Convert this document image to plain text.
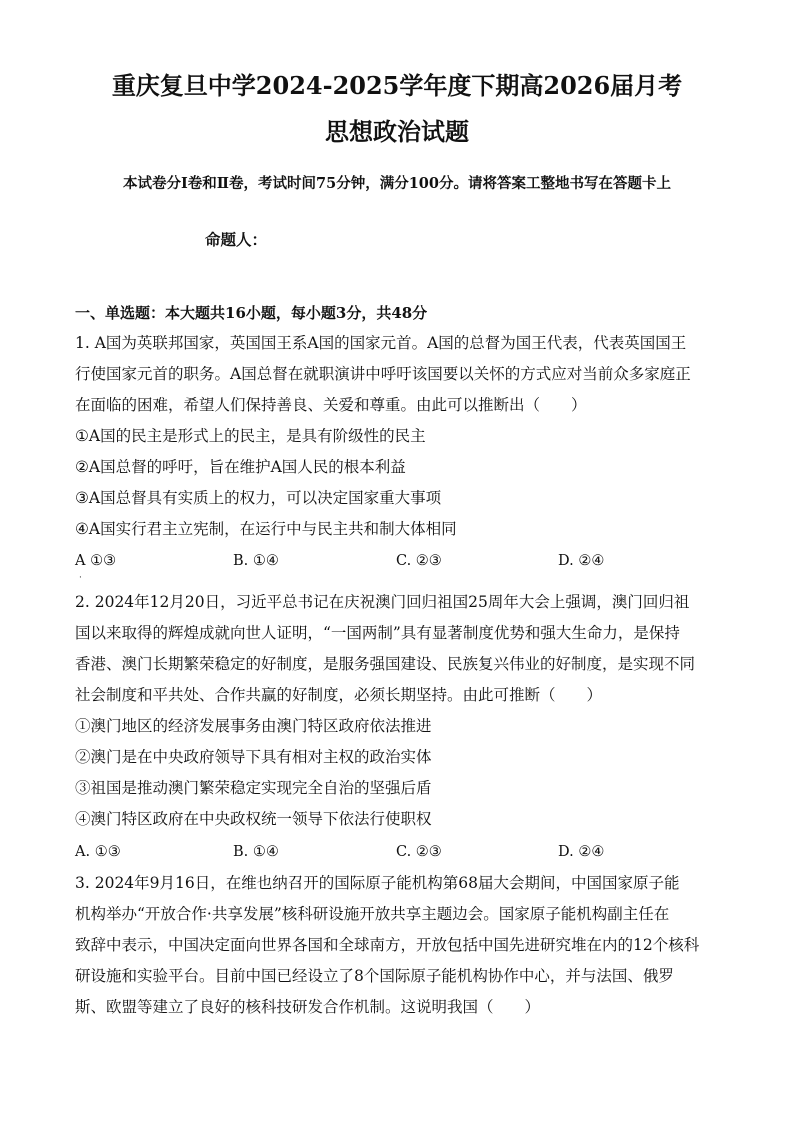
重庆复旦中学2024-2025学年度下期高2026届月考
思想政治试题
本试卷分Ⅰ卷和Ⅱ卷，考试时间75分钟，满分100分。请将答案工整地书写在答题卡上
命题人：
一、单选题：本大题共16小题，每小题3分，共48分
1. A国为英联邦国家，英国国王系A国的国家元首。A国的总督为国王代表，代表英国国王
行使国家元首的职务。A国总督在就职演讲中呼吁该国要以关怀的方式应对当前众多家庭正
在面临的困难，希望人们保持善良、关爱和尊重。由此可以推断出（　　）
①A国的民主是形式上的民主，是具有阶级性的民主
②A国总督的呼吁，旨在维护A国人民的根本利益
③A国总督具有实质上的权力，可以决定国家重大事项
④A国实行君主立宪制，在运行中与民主共和制大体相同
A ①③	B. ①④	C. ②③	D. ②④
·
2. 2024年12月20日，习近平总书记在庆祝澳门回归祖国25周年大会上强调，澳门回归祖
国以来取得的辉煌成就向世人证明，“一国两制”具有显著制度优势和强大生命力，是保持
香港、澳门长期繁荣稳定的好制度，是服务强国建设、民族复兴伟业的好制度，是实现不同
社会制度和平共处、合作共赢的好制度，必须长期坚持。由此可推断（　　）
①澳门地区的经济发展事务由澳门特区政府依法推进
②澳门是在中央政府领导下具有相对主权的政治实体
③祖国是推动澳门繁荣稳定实现完全自治的坚强后盾
④澳门特区政府在中央政权统一领导下依法行使职权
A. ①③	B. ①④	C. ②③	D. ②④
3. 2024年9月16日，在维也纳召开的国际原子能机构第68届大会期间，中国国家原子能
机构举办“开放合作·共享发展”核科研设施开放共享主题边会。国家原子能机构副主任在
致辞中表示，中国决定面向世界各国和全球南方，开放包括中国先进研究堆在内的12个核科
研设施和实验平台。目前中国已经设立了8个国际原子能机构协作中心，并与法国、俄罗
斯、欧盟等建立了良好的核科技研发合作机制。这说明我国（　　）
